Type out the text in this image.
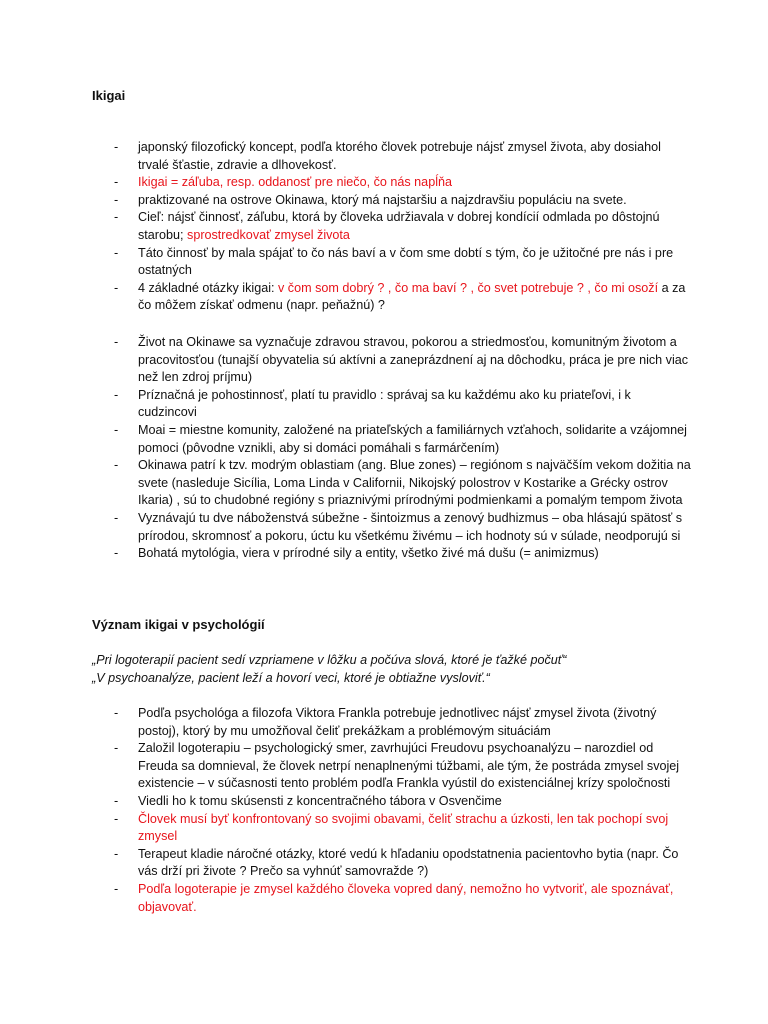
Ikigai
- japonský filozofický koncept, podľa ktorého človek potrebuje nájsť zmysel života, aby dosiahol trvalé šťastie, zdravie a dlhovekosť.
- Ikigai = záľuba, resp. oddanosť pre niečo, čo nás napĺňa
- praktizované na ostrove Okinawa, ktorý má najstaršiu a najzdravšiu populáciu na svete.
- Cieľ: nájsť činnosť, záľubu, ktorá by človeka udržiavala v dobrej kondícií odmlada po dôstojnú starobu; sprostredkovať zmysel života
- Táto činnosť by mala spájať to čo nás baví a v čom sme dobtí s tým, čo je užitočné pre nás i pre ostatných
- 4 základné otázky ikigai: v čom som dobrý ? , čo ma baví ? , čo svet potrebuje ? , čo mi osoží a za čo môžem získať odmenu (napr. peňažnú) ?
- Život na Okinawe sa vyznačuje zdravou stravou, pokorou a striedmosťou, komunitným životom a pracovitosťou (tunajší obyvatelia sú aktívni a zaneprázdnení aj na dôchodku, práca je pre nich viac než len zdroj príjmu)
- Príznačná je pohostinnosť, platí tu pravidlo : správaj sa ku každému ako ku priateľovi, i k cudzincovi
- Moai = miestne komunity, založené na priateľských a familiárnych vzťahoch, solidarite a vzájomnej pomoci (pôvodne vznikli, aby si domáci pomáhali s farmárčením)
- Okinawa patrí k tzv. modrým oblastiam (ang. Blue zones) – regiónom s najväčším vekom dožitia na svete (nasleduje Sicília, Loma Linda v Californii, Nikojský polostrov v Kostarike a Grécky ostrov Ikaria) , sú to chudobné regióny s priaznivými prírodnými podmienkami a pomalým tempom života
- Vyznávajú tu dve náboženstvá súbežne - šintoizmus a zenový budhizmus – oba hlásajú spätosť s prírodou, skromnosť a pokoru, úctu ku všetkému živému – ich hodnoty sú v súlade, neodporujú si
- Bohatá mytológia, viera v prírodné sily a entity, všetko živé má dušu (= animizmus)
Význam ikigai v psychológií
„Pri logoterapií pacient sedí vzpriamene v lôžku a počúva slová, ktoré je ťažké počuť“
„V psychoanalýze, pacient leží a hovorí veci, ktoré je obtiažne vysloviť.“
- Podľa psychológa a filozofa Viktora Frankla potrebuje jednotlivec nájsť zmysel života (životný postoj), ktorý by mu umožňoval čeliť prekážkam a problémovým situáciám
- Založil logoterapiu – psychologický smer, zavrhujúci Freudovu psychoanalýzu – narozdiel od Freuda sa domnieval, že človek netrpí nenaplnenými túžbami, ale tým, že postráda zmysel svojej existencie – v súčasnosti tento problém podľa Frankla vyústil do existenciálnej krízy spoločnosti
- Viedli ho k tomu skúsensti z koncentračného tábora v Osvenčime
- Človek musí byť konfrontovaný so svojimi obavami, čeliť strachu a úzkosti, len tak pochopí svoj zmysel
- Terapeut kladie náročné otázky, ktoré vedú k hľadaniu opodstatnenia pacientovho bytia (napr. Čo vás drží pri živote ? Prečo sa vyhnúť samovražde ?)
- Podľa logoterapie je zmysel každého človeka vopred daný, nemožno ho vytvoriť, ale spoznávať, objavovať.
